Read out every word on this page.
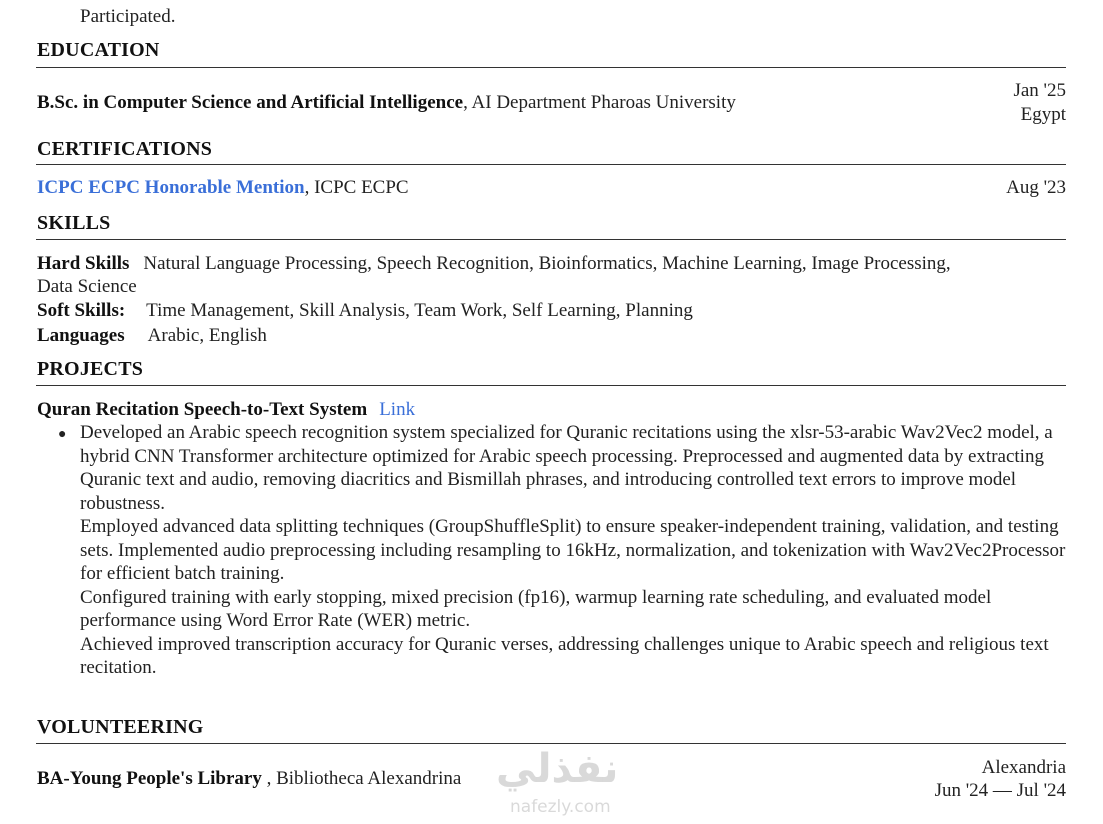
Participated.
EDUCATION
B.Sc. in Computer Science and Artificial Intelligence, AI Department Pharoas University
Jan '25
Egypt
CERTIFICATIONS
ICPC ECPC Honorable Mention, ICPC ECPC	Aug '23
SKILLS
Hard Skills Natural Language Processing, Speech Recognition, Bioinformatics, Machine Learning, Image Processing,
Data Science
Soft Skills: Time Management, Skill Analysis, Team Work, Self Learning, Planning
Languages Arabic, English
PROJECTS
Quran Recitation Speech-to-Text System Link
● Developed an Arabic speech recognition system specialized for Quranic recitations using the xlsr-53-arabic Wav2Vec2 model, a hybrid CNN Transformer architecture optimized for Arabic speech processing. Preprocessed and augmented data by extracting Quranic text and audio, removing diacritics and Bismillah phrases, and introducing controlled text errors to improve model robustness.

Employed advanced data splitting techniques (GroupShuffleSplit) to ensure speaker-independent training, validation, and testing sets. Implemented audio preprocessing including resampling to 16kHz, normalization, and tokenization with Wav2Vec2Processor for efficient batch training.

Configured training with early stopping, mixed precision (fp16), warmup learning rate scheduling, and evaluated model performance using Word Error Rate (WER) metric.

Achieved improved transcription accuracy for Quranic verses, addressing challenges unique to Arabic speech and religious text recitation.

VOLUNTEERING
BA-Young People's Library , Bibliotheca Alexandrina
Alexandria
Jun '24 — Jul '24
نفذلي
nafezly.com
